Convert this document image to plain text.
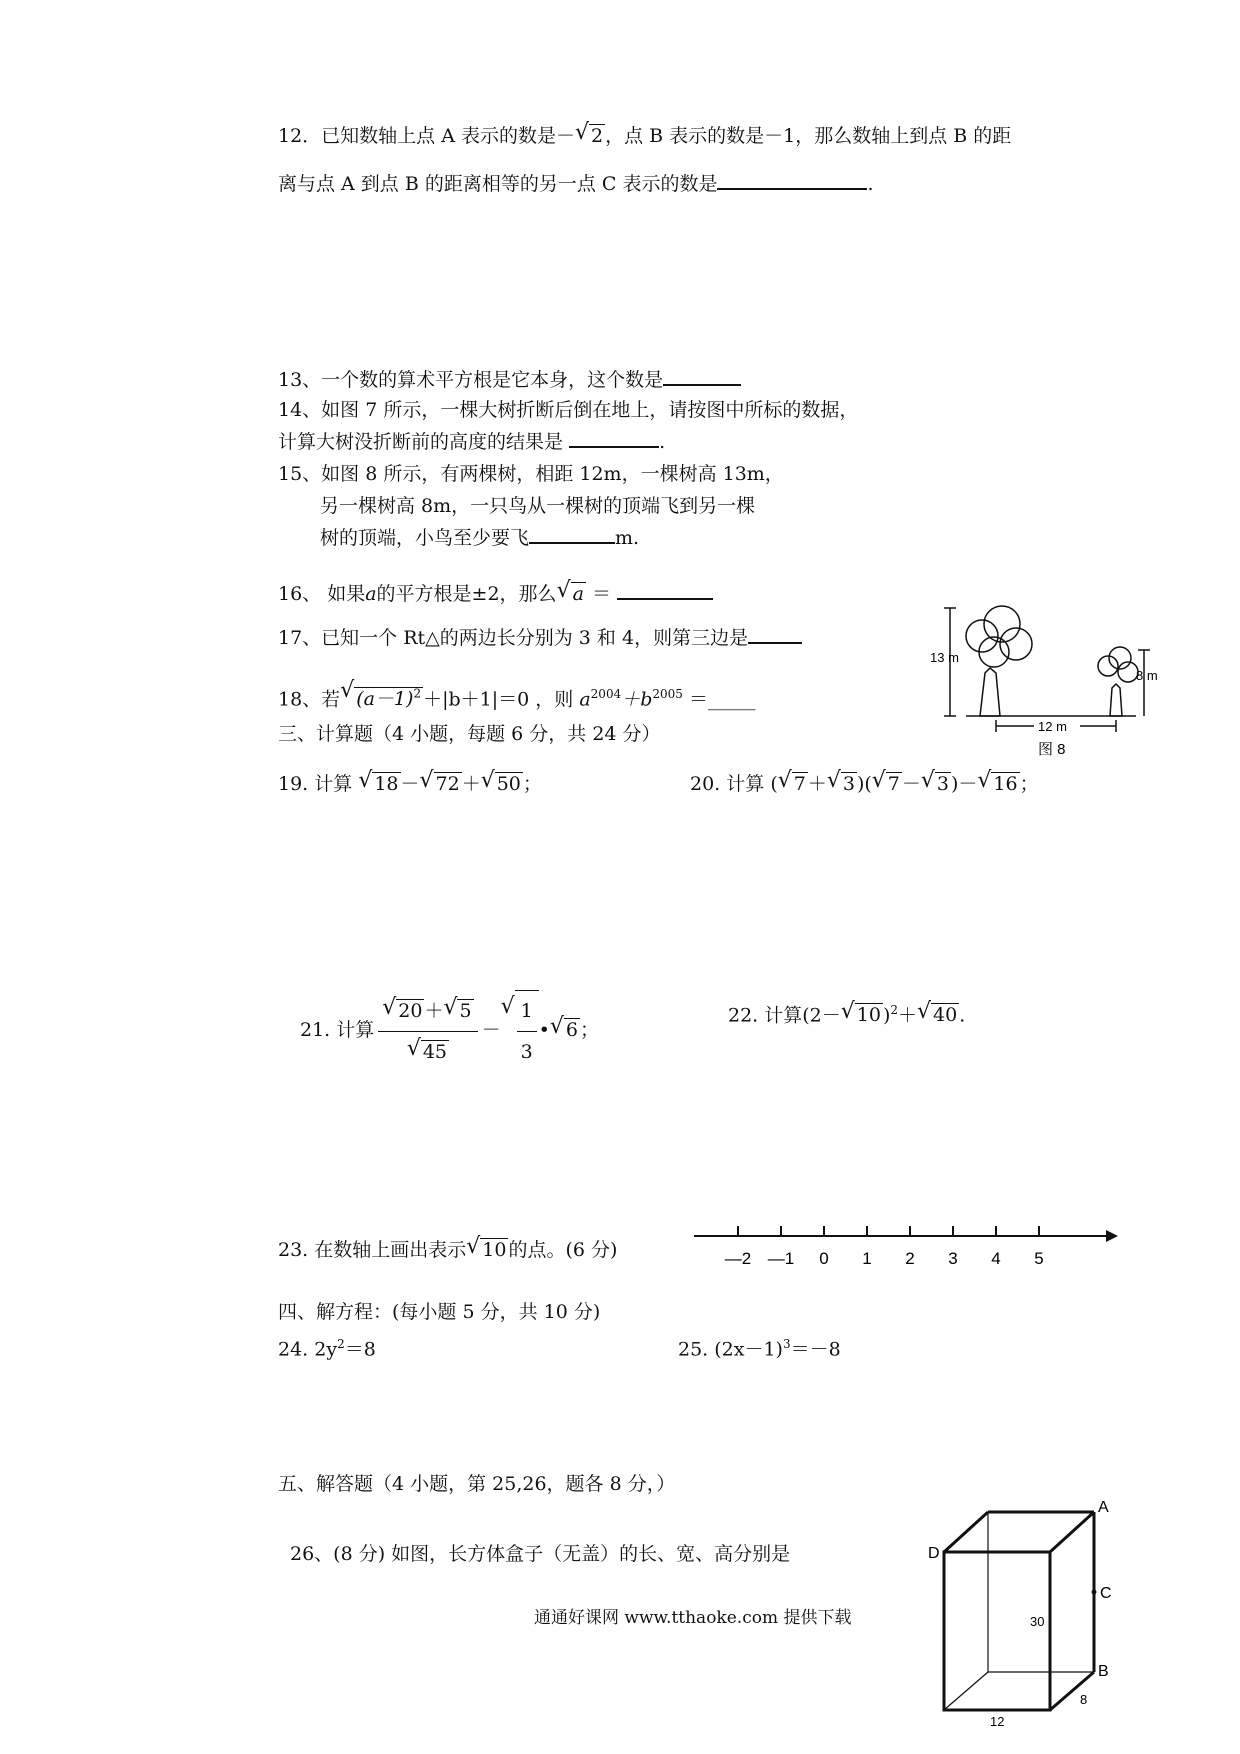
12．已知数轴上点 A 表示的数是－ √ 2 ，点 B 表示的数是－1，那么数轴上到点 B 的距
离与点 A 到点 B 的距离相等的另一点 C 表示的数是	.
13、一个数的算术平方根是它本身，这个数是
14、如图 7 所示，一棵大树折断后倒在地上，请按图中所标的数据，
计算大树没折断前的高度的结果是	.
15、如图 8 所示，有两棵树，相距 12m，一棵树高 13m，
另一棵树高 8m，一只鸟从一棵树的顶端飞到另一棵
树的顶端，小鸟至少要飞	m.
16、 如果a的平方根是±2，那么 √ a ＝
17、已知一个 Rt△的两边长分别为 3 和 4，则第三边是
18、若 √ $(a-1)^2 +|b+1|=0$ ，则 $a^{2004}+b^{2005}$ ＝_____
三、计算题（4 小题，每题 6 分，共 24 分）
19. 计算 √ 18 － √ 72 ＋ √ 50 ；	20. 计算 ( √ 7 ＋ √ 3 )( √ 7 － √ 3 )－ √ 16 ；
21. 计算 √ 20 ＋ √ 5
√ 45 － √ $\frac{1}{3}$ • √ 6 ；
22. 计算(2－ √ 10 )$^2$＋ √ 40 .
23. 在数轴上画出表示 √ 10 的点。(6 分)	—2 —1 0 1 2 3 4 5
四、解方程：(每小题 5 分，共 10 分)
24. $2y^2=8$	25. $(2x-1)^3=-8$
五、解答题（4 小题，第 25,26，题各 8 分，）
26、(8 分) 如图，长方体盒子（无盖）的长、宽、高分别是
通通好课网 www.tthaoke.com 提供下载
13 m
8 m
12 m
图 8
A
B
C
D
30
8
12
